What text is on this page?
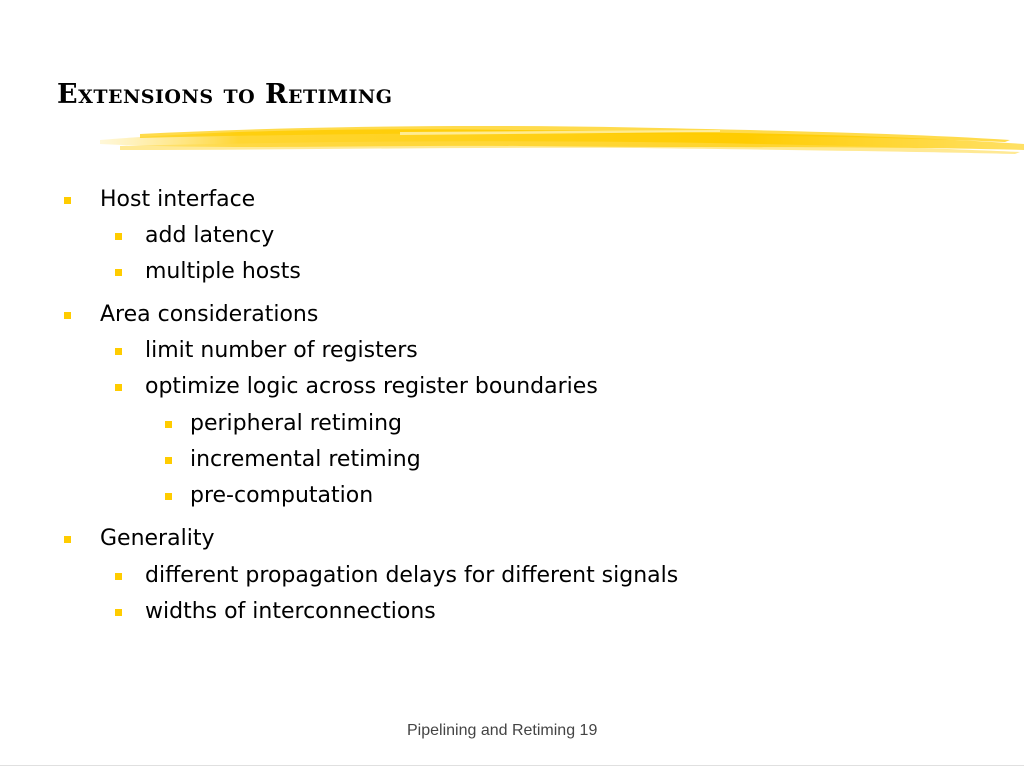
Extensions to Retiming
Host interface
add latency
multiple hosts
Area considerations
limit number of registers
optimize logic across register boundaries
peripheral retiming
incremental retiming
pre-computation
Generality
different propagation delays for different signals
widths of interconnections
Pipelining and Retiming 19
